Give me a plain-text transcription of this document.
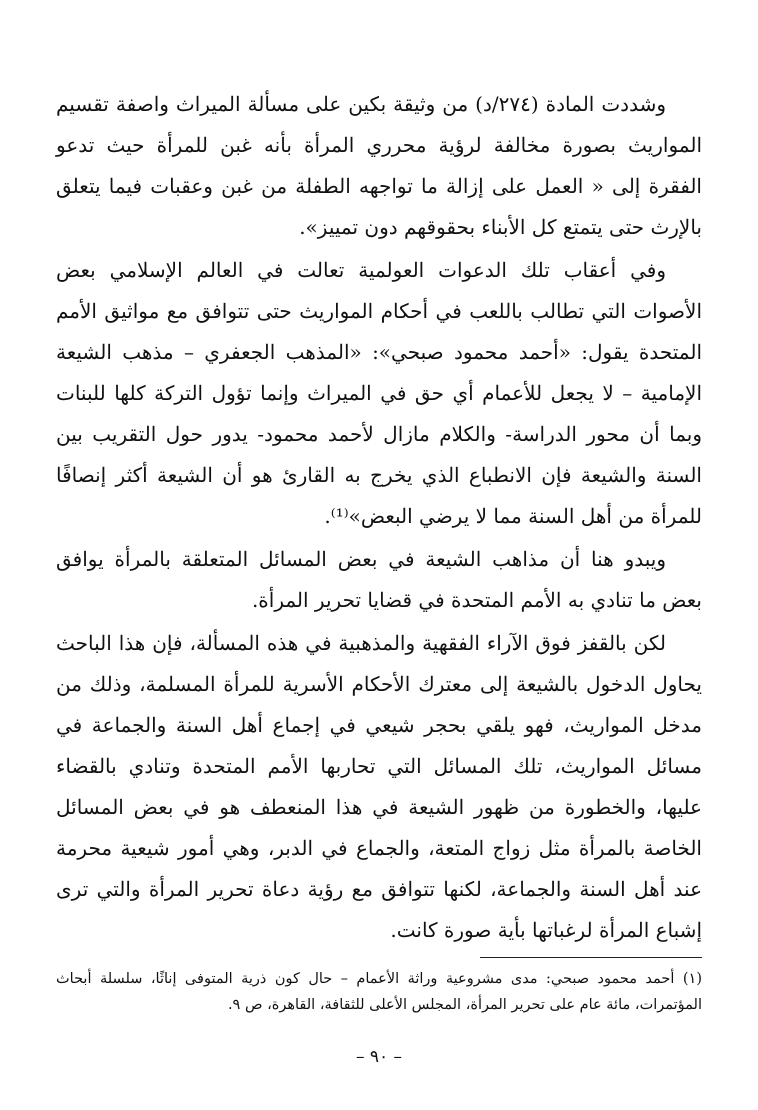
وشددت المادة (٢٧٤/د) من وثيقة بكين على مسألة الميراث واصفة تقسيم المواريث بصورة مخالفة لرؤية محرري المرأة بأنه غبن للمرأة حيث تدعو الفقرة إلى « العمل على إزالة ما تواجهه الطفلة من غبن وعقبات فيما يتعلق بالإرث حتى يتمتع كل الأبناء بحقوقهم دون تمييز».

وفي أعقاب تلك الدعوات العولمية تعالت في العالم الإسلامي بعض الأصوات التي تطالب باللعب في أحكام المواريث حتى تتوافق مع مواثيق الأمم المتحدة يقول: «أحمد محمود صبحي»: «المذهب الجعفري – مذهب الشيعة الإمامية – لا يجعل للأعمام أي حق في الميراث وإنما تؤول التركة كلها للبنات وبما أن محور الدراسة- والكلام مازال لأحمد محمود- يدور حول التقريب بين السنة والشيعة فإن الانطباع الذي يخرج به القارئ هو أن الشيعة أكثر إنصافًا للمرأة من أهل السنة مما لا يرضي البعض»⁽¹⁾.

ويبدو هنا أن مذاهب الشيعة في بعض المسائل المتعلقة بالمرأة يوافق بعض ما تنادي به الأمم المتحدة في قضايا تحرير المرأة.

لكن بالقفز فوق الآراء الفقهية والمذهبية في هذه المسألة، فإن هذا الباحث يحاول الدخول بالشيعة إلى معترك الأحكام الأسرية للمرأة المسلمة، وذلك من مدخل المواريث، فهو يلقي بحجر شيعي في إجماع أهل السنة والجماعة في مسائل المواريث، تلك المسائل التي تحاربها الأمم المتحدة وتنادي بالقضاء عليها، والخطورة من ظهور الشيعة في هذا المنعطف هو في بعض المسائل الخاصة بالمرأة مثل زواج المتعة، والجماع في الدبر، وهي أمور شيعية محرمة عند أهل السنة والجماعة، لكنها تتوافق مع رؤية دعاة تحرير المرأة والتي ترى إشباع المرأة لرغباتها بأية صورة كانت.

(١) أحمد محمود صبحي: مدى مشروعية وراثة الأعمام – حال كون ذرية المتوفى إناثًا، سلسلة أبحاث المؤتمرات، مائة عام على تحرير المرأة، المجلس الأعلى للثقافة، القاهرة، ص ٩.
– ٩٠ –
